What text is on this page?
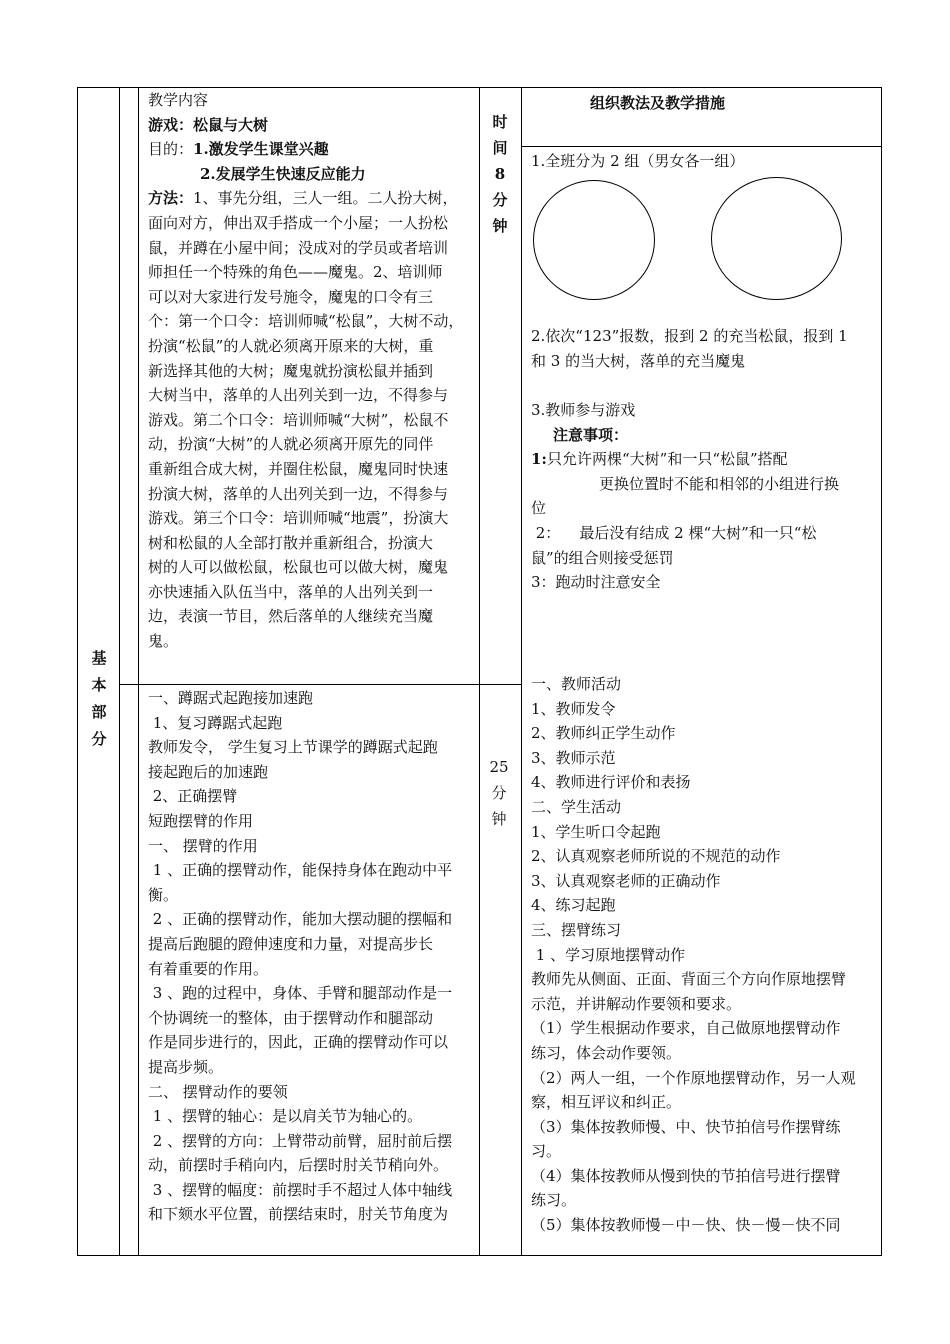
基
本
部
分

教学内容

游戏：松鼠与大树

目的：1.激发学生课堂兴趣

2.发展学生快速反应能力

方法：1、事先分组，三人一组。二人扮大树，

面向对方，伸出双手搭成一个小屋；一人扮松

鼠，并蹲在小屋中间；没成对的学员或者培训

师担任一个特殊的角色——魔鬼。2、培训师

可以对大家进行发号施令，魔鬼的口令有三

个：第一个口令：培训师喊“松鼠”，大树不动，

扮演“松鼠”的人就必须离开原来的大树，重

新选择其他的大树；魔鬼就扮演松鼠并插到

大树当中，落单的人出列关到一边，不得参与

游戏。第二个口令：培训师喊“大树”，松鼠不

动，扮演“大树”的人就必须离开原先的同伴

重新组合成大树，并圈住松鼠，魔鬼同时快速

扮演大树，落单的人出列关到一边，不得参与

游戏。第三个口令：培训师喊“地震”，扮演大

树和松鼠的人全部打散并重新组合，扮演大

树的人可以做松鼠，松鼠也可以做大树，魔鬼

亦快速插入队伍当中，落单的人出列关到一

边，表演一节目，然后落单的人继续充当魔

鬼。

时
间
8
分
钟
组织教法及教学措施

1.全班分为 2 组（男女各一组）

2.依次“123”报数，报到 2 的充当松鼠，报到 1

和 3 的当大树，落单的充当魔鬼

3.教师参与游戏

注意事项：

1:只允许两棵“大树”和一只“松鼠”搭配

更换位置时不能和相邻的小组进行换

位

2：    最后没有结成 2 棵“大树”和一只“松

鼠”的组合则接受惩罚

3：跑动时注意安全

一、蹲踞式起跑接加速跑

1、复习蹲踞式起跑

教师发令， 学生复习上节课学的蹲踞式起跑

接起跑后的加速跑

2、正确摆臂

短跑摆臂的作用

一、 摆臂的作用

1 、正确的摆臂动作，能保持身体在跑动中平

衡。

2 、正确的摆臂动作，能加大摆动腿的摆幅和

提高后跑腿的蹬伸速度和力量，对提高步长

有着重要的作用。

3 、跑的过程中，身体、手臂和腿部动作是一

个协调统一的整体，由于摆臂动作和腿部动

作是同步进行的，因此，正确的摆臂动作可以

提高步频。

二、 摆臂动作的要领

1 、摆臂的轴心：是以肩关节为轴心的。

2 、摆臂的方向：上臂带动前臂，屈肘前后摆

动，前摆时手稍向内，后摆时肘关节稍向外。

3 、摆臂的幅度：前摆时手不超过人体中轴线

和下颏水平位置，前摆结束时，肘关节角度为

25
分
钟

一、教师活动

1、教师发令

2、教师纠正学生动作

3、教师示范

4、教师进行评价和表扬

二、学生活动

1、学生听口令起跑

2、认真观察老师所说的不规范的动作

3、认真观察老师的正确动作

4、练习起跑

三、摆臂练习

1 、学习原地摆臂动作

教师先从侧面、正面、背面三个方向作原地摆臂

示范，并讲解动作要领和要求。

（1）学生根据动作要求，自己做原地摆臂动作

练习，体会动作要领。

（2）两人一组，一个作原地摆臂动作，另一人观

察，相互评议和纠正。

（3）集体按教师慢、中、快节拍信号作摆臂练

习。

（4）集体按教师从慢到快的节拍信号进行摆臂

练习。

（5）集体按教师慢－中－快、快－慢－快不同
